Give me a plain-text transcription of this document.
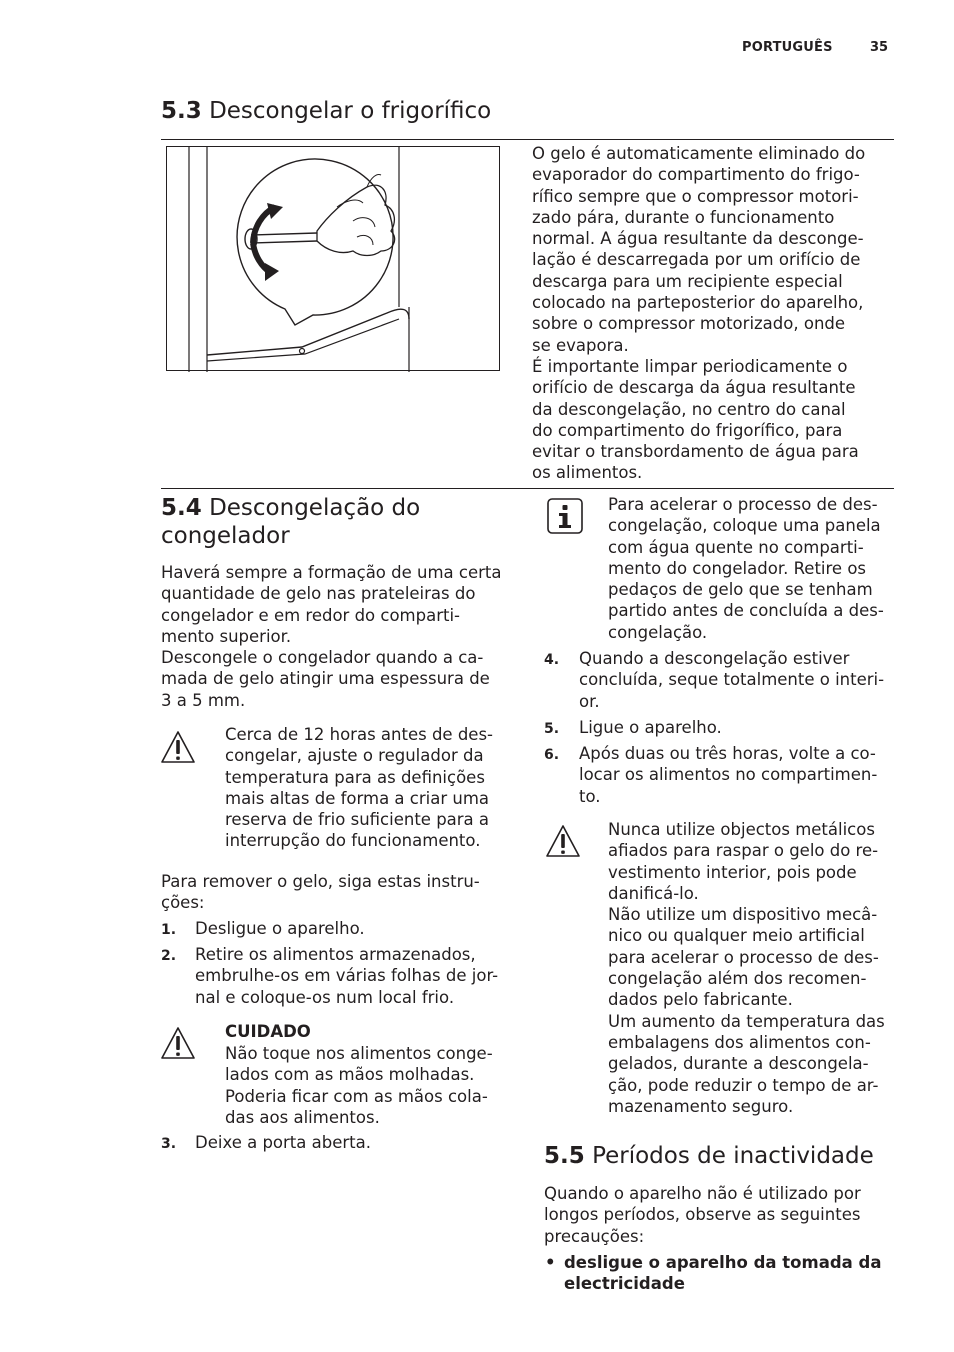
PORTUGUÊS	35
5.3 Descongelar o frigorífico
O gelo é automaticamente eliminado do
evaporador do compartimento do frigo-
rífico sempre que o compressor motori-
zado pára, durante o funcionamento
normal. A água resultante da desconge-
lação é descarregada por um orifício de
descarga para um recipiente especial
colocado na parteposterior do aparelho,
sobre o compressor motorizado, onde
se evapora.
É importante limpar periodicamente o
orifício de descarga da água resultante
da descongelação, no centro do canal
do compartimento do frigorífico, para
evitar o transbordamento de água para
os alimentos.
5.4 Descongelação do
congelador
Haverá sempre a formação de uma certa
quantidade de gelo nas prateleiras do
congelador e em redor do comparti-
mento superior.
Descongele o congelador quando a ca-
mada de gelo atingir uma espessura de
3 a 5 mm.
Cerca de 12 horas antes de des-
congelar, ajuste o regulador da
temperatura para as definições
mais altas de forma a criar uma
reserva de frio suficiente para a
interrupção do funcionamento.
Para remover o gelo, siga estas instru-
ções:
1. Desligue o aparelho.
2. Retire os alimentos armazenados,
embrulhe-os em várias folhas de jor-
nal e coloque-os num local frio.
CUIDADO
Não toque nos alimentos conge-
lados com as mãos molhadas.
Poderia ficar com as mãos cola-
das aos alimentos.
3. Deixe a porta aberta.
Para acelerar o processo de des-
congelação, coloque uma panela
com água quente no comparti-
mento do congelador. Retire os
pedaços de gelo que se tenham
partido antes de concluída a des-
congelação.
4. Quando a descongelação estiver
concluída, seque totalmente o interi-
or.
5. Ligue o aparelho.
6. Após duas ou três horas, volte a co-
locar os alimentos no compartimen-
to.
Nunca utilize objectos metálicos
afiados para raspar o gelo do re-
vestimento interior, pois pode
danificá-lo.
Não utilize um dispositivo mecâ-
nico ou qualquer meio artificial
para acelerar o processo de des-
congelação além dos recomen-
dados pelo fabricante.
Um aumento da temperatura das
embalagens dos alimentos con-
gelados, durante a descongela-
ção, pode reduzir o tempo de ar-
mazenamento seguro.
5.5 Períodos de inactividade
Quando o aparelho não é utilizado por
longos períodos, observe as seguintes
precauções:
• desligue o aparelho da tomada da
electricidade
